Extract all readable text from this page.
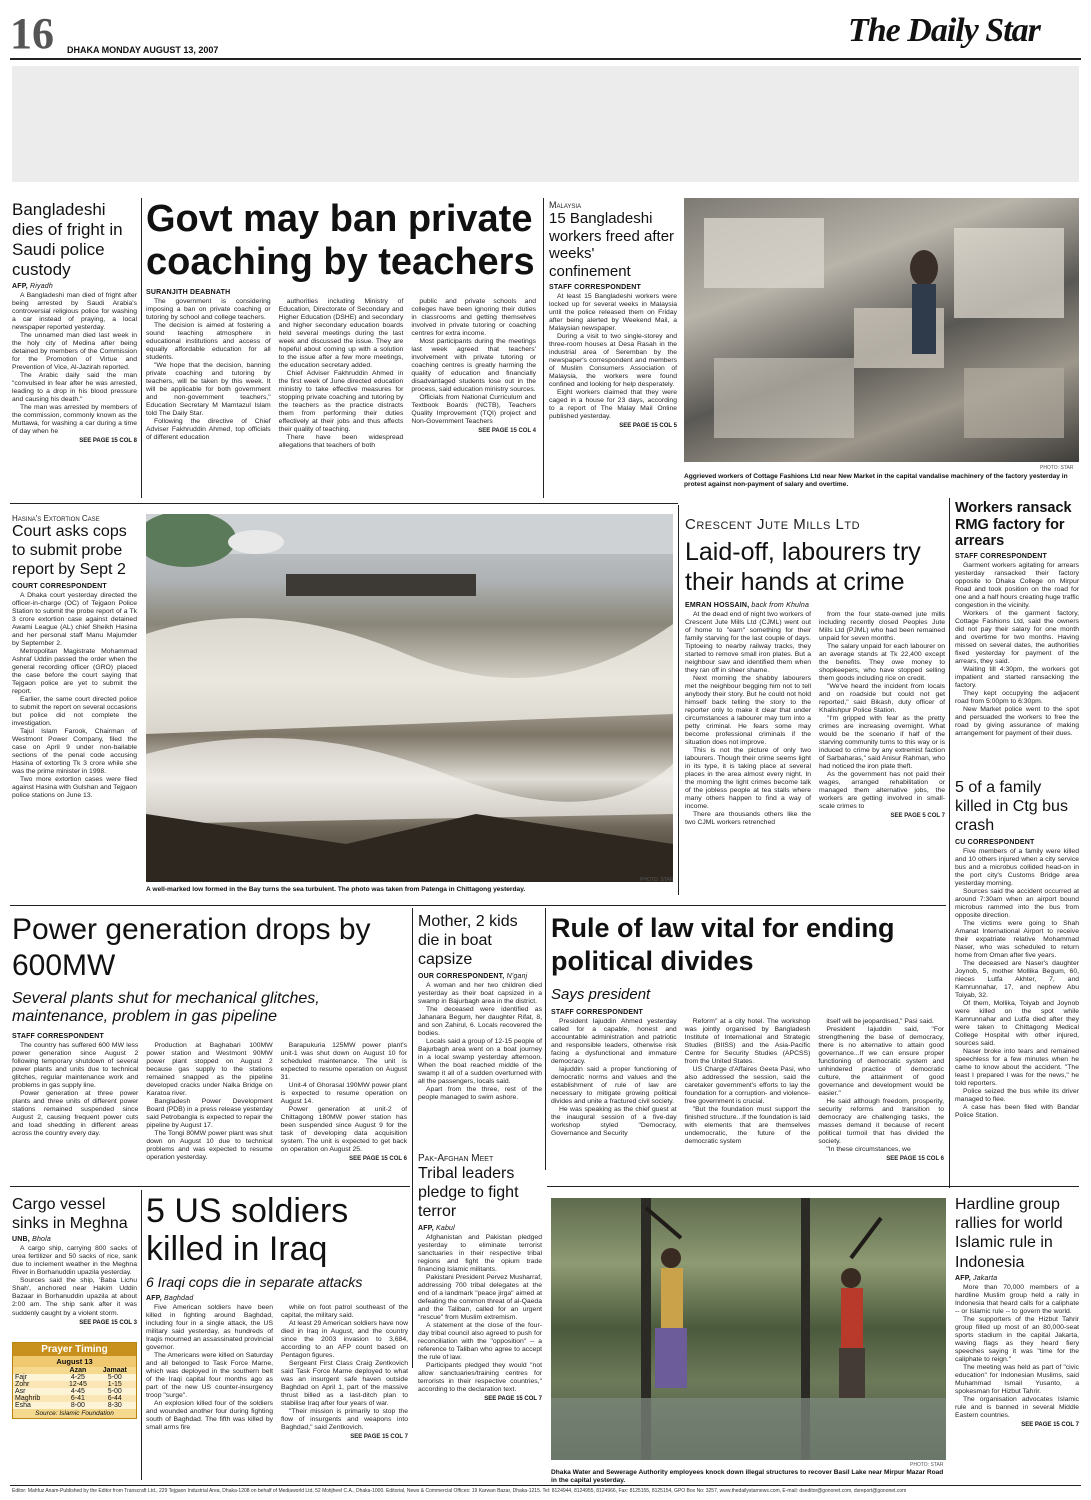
16 DHAKA MONDAY AUGUST 13, 2007
The Daily Star
Bangladeshi dies of fright in Saudi police custody
AFP, Riyadh

A Bangladeshi man died of fright after being arrested by Saudi Arabia's controversial religious police for washing a car instead of praying, a local newspaper reported yesterday.

The unnamed man died last week in the holy city of Medina after being detained by members of the Commission for the Promotion of Virtue and Prevention of Vice, Al-Jazirah reported.

The Arabic daily said the man "convulsed in fear after he was arrested, leading to a drop in his blood pressure and causing his death."

The man was arrested by members of the commission, commonly known as the Muttawa, for washing a car during a time of day when he

SEE PAGE 15 COL 8
Govt may ban private coaching by teachers
SURANJITH DEABNATH

The government is considering imposing a ban on private coaching or tutoring by school and college teachers.

The decision is aimed at fostering a sound teaching atmosphere in educational institutions and access of equally affordable education for all students.

"We hope that the decision, banning private coaching and tutoring by teachers, will be taken by this week. It will be applicable for both government and non-government teachers," Education Secretary M Mamtazul Islam told The Daily Star.

Following the directive of Chief Adviser Fakhruddin Ahmed, top officials of different education

authorities including Ministry of Education, Directorate of Secondary and Higher Education (DSHE) and secondary and higher secondary education boards held several meetings during the last week and discussed the issue. They are hopeful about coming up with a solution to the issue after a few more meetings, the education secretary added.

Chief Adviser Fakhruddin Ahmed in the first week of June directed education ministry to take effective measures for stopping private coaching and tutoring by the teachers as the practice distracts them from performing their duties effectively at their jobs and thus affects their quality of teaching.

There have been widespread allegations that teachers of both

public and private schools and colleges have been ignoring their duties in classrooms and getting themselves involved in private tutoring or coaching centres for extra income.

Most participants during the meetings last week agreed that teachers' involvement with private tutoring or coaching centres is greatly harming the quality of education and financially disadvantaged students lose out in the process, said education ministry sources.

Officials from National Curriculum and Textbook Boards (NCTB), Teachers Quality Improvement (TQI) project and Non-Government Teachers

SEE PAGE 15 COL 4
Malaysia
15 Bangladeshi workers freed after weeks' confinement
STAFF CORRESPONDENT

At least 15 Bangladeshi workers were locked up for several weeks in Malaysia until the police released them on Friday after being alerted by Weekend Mail, a Malaysian newspaper.

During a visit to two single-storey and three-room houses at Desa Rasah in the industrial area of Seremban by the newspaper's correspondent and members of Muslim Consumers Association of Malaysia, the workers were found confined and looking for help desperately.

Eight workers claimed that they were caged in a house for 23 days, according to a report of The Malay Mail Online published yesterday.

SEE PAGE 15 COL 5
PHOTO: STAR
Aggrieved workers of Cottage Fashions Ltd near New Market in the capital vandalise machinery of the factory yesterday in protest against non-payment of salary and overtime.
Hasina's Extortion Case
Court asks cops to submit probe report by Sept 2
COURT CORRESPONDENT

A Dhaka court yesterday directed the officer-in-charge (OC) of Tejgaon Police Station to submit the probe report of a Tk 3 crore extortion case against detained Awami League (AL) chief Sheikh Hasina and her personal staff Manu Majumder by September 2.

Metropolitan Magistrate Mohammad Ashraf Uddin passed the order when the general recording officer (GRO) placed the case before the court saying that Tejgaon police are yet to submit the report.

Earlier, the same court directed police to submit the report on several occasions but police did not complete the investigation.

Tajul Islam Farook, Chairman of Westmont Power Company, filed the case on April 9 under non-bailable sections of the penal code accusing Hasina of extorting Tk 3 crore while she was the prime minister in 1998.

Two more extortion cases were filed against Hasina with Gulshan and Tejgaon police stations on June 13.

PHOTO: STAR
A well-marked low formed in the Bay turns the sea turbulent. The photo was taken from Patenga in Chittagong yesterday.
Crescent Jute Mills Ltd
Laid-off, labourers try their hands at crime
EMRAN HOSSAIN, back from Khulna

At the dead end of night two workers of Crescent Jute Mills Ltd (CJML) went out of home to "earn" something for their family starving for the last couple of days. Tiptoeing to nearby railway tracks, they started to remove small iron plates. But a neighbour saw and identified them when they ran off in sheer shame.

Next morning the shabby labourers met the neighbour begging him not to tell anybody their story. But he could not hold himself back telling the story to the reporter only to make it clear that under circumstances a labourer may turn into a petty criminal. He fears some may become professional criminals if the situation does not improve.

This is not the picture of only two labourers. Though their crime seems light in its type, it is taking place at several places in the area almost every night. In the morning the light crimes become talk of the jobless people at tea stalls where many others happen to find a way of income.

There are thousands others like the two CJML workers retrenched

from the four state-owned jute mills including recently closed Peoples Jute Mills Ltd (PJML) who had been remained unpaid for seven months.

The salary unpaid for each labourer on an average stands at Tk 22,400 except the benefits. They owe money to shopkeepers, who have stopped selling them goods including rice on credit.

"We've heard the incident from locals and on roadside but could not get reported," said Bikash, duty officer of Khalishpur Police Station.

"I'm gripped with fear as the pretty crimes are increasing overnight. What would be the scenario if half of the starving community turns to this way or is induced to crime by any extremist faction of Sarbaharas," said Anisur Rahman, who had noticed the iron plate theft.

As the government has not paid their wages, arranged rehabilitation or managed them alternative jobs, the workers are getting involved in small-scale crimes to

SEE PAGE 5 COL 7
Workers ransack RMG factory for arrears
STAFF CORRESPONDENT

Garment workers agitating for arrears yesterday ransacked their factory opposite to Dhaka College on Mirpur Road and took position on the road for one and a half hours creating huge traffic congestion in the vicinity.

Workers of the garment factory, Cottage Fashions Ltd, said the owners did not pay their salary for one month and overtime for two months. Having missed on several dates, the authorities fixed yesterday for payment of the arrears, they said.

Waiting till 4:30pm, the workers got impatient and started ransacking the factory.

They kept occupying the adjacent road from 5:00pm to 6:30pm.

New Market police went to the spot and persuaded the workers to free the road by giving assurance of making arrangement for payment of their dues.

5 of a family killed in Ctg bus crash
CU CORRESPONDENT

Five members of a family were killed and 10 others injured when a city service bus and a microbus collided head-on in the port city's Customs Bridge area yesterday morning.

Sources said the accident occurred at around 7:30am when an airport bound microbus rammed into the bus from opposite direction.

The victims were going to Shah Amanat International Airport to receive their expatriate relative Mohammad Naser, who was scheduled to return home from Oman after five years.

The deceased are Naser's daughter Joynob, 5, mother Mollika Begum, 60, nieces Lutfa Akhter, 7, and Kamrunnahar, 17, and nephew Abu Toiyab, 32.

Of them, Mollika, Toiyab and Joynob were killed on the spot while Kamrunnahar and Lutfa died after they were taken to Chittagong Medical College Hospital with other injured, sources said.

Naser broke into tears and remained speechless for a few minutes when he came to know about the accident. "The least I prepared I was for the news," he told reporters.

Police seized the bus while its driver managed to flee.

A case has been filed with Bandar Police Station.

Power generation drops by 600MW
Several plants shut for mechanical glitches, maintenance, problem in gas pipeline
STAFF CORRESPONDENT

The country has suffered 600 MW less power generation since August 2 following temporary shutdown of several power plants and units due to technical glitches, regular maintenance work and problems in gas supply line.

Power generation at three power plants and three units of different power stations remained suspended since August 2, causing frequent power cuts and load shedding in different areas across the country every day.

Production at Baghabari 100MW power station and Westmont 90MW power plant stopped on August 2 because gas supply to the stations remained snapped as the pipeline developed cracks under Nalka Bridge on Karatoa river.

Bangladesh Power Development Board (PDB) in a press release yesterday said Petrobangla is expected to repair the pipeline by August 17.

The Tongi 80MW power plant was shut down on August 10 due to technical problems and was expected to resume operation yesterday.

Barapukuria 125MW power plant's unit-1 was shut down on August 10 for scheduled maintenance. The unit is expected to resume operation on August 31.

Unit-4 of Ghorasal 190MW power plant is expected to resume operation on August 14.

Power generation at unit-2 of Chittagong 180MW power station has been suspended since August 9 for the task of developing data acquisition system. The unit is expected to get back on operation on August 25.

SEE PAGE 15 COL 6
Mother, 2 kids die in boat capsize
OUR CORRESPONDENT, N'ganj

A woman and her two children died yesterday as their boat capsized in a swamp in Bajurbagh area in the district.

The deceased were identified as Jahanara Begum, her daughter Rifat, 8, and son Zahirul, 6. Locals recovered the bodies.

Locals said a group of 12-15 people of Bajurbagh area went on a boat journey in a local swamp yesterday afternoon. When the boat reached middle of the swamp it all of a sudden overturned with all the passengers, locals said.

Apart from the three, rest of the people managed to swim ashore.

Rule of law vital for ending political divides
Says president
STAFF CORRESPONDENT

President Iajuddin Ahmed yesterday called for a capable, honest and accountable administration and patriotic and responsible leaders, otherwise risk facing a dysfunctional and immature democracy.

Iajuddin said a proper functioning of democratic norms and values and the establishment of rule of law are necessary to mitigate growing political divides and unite a fractured civil society.

He was speaking as the chief guest at the inaugural session of a five-day workshop styled "Democracy, Governance and Security

Reform" at a city hotel. The workshop was jointly organised by Bangladesh Institute of International and Strategic Studies (BIISS) and the Asia-Pacific Centre for Security Studies (APCSS) from the United States.

US Charge d'Affaires Geeta Pasi, who also addressed the session, said the caretaker government's efforts to lay the foundation for a corruption- and violence-free government is crucial.

"But the foundation must support the finished structure...If the foundation is laid with elements that are themselves undemocratic, the future of the democratic system

itself will be jeopardised," Pasi said.

President Iajuddin said, "For strengthening the base of democracy, there is no alternative to attain good governance...If we can ensure proper functioning of democratic system and unhindered practice of democratic culture, the attainment of good governance and development would be easier."

He said although freedom, prosperity, security reforms and transition to democracy are challenging tasks, the masses demand it because of recent political turmoil that has divided the society.

"In these circumstances, we

SEE PAGE 15 COL 6
Pak-Afghan Meet
Tribal leaders pledge to fight terror
AFP, Kabul

Afghanistan and Pakistan pledged yesterday to eliminate terrorist sanctuaries in their respective tribal regions and fight the opium trade financing Islamic militants.

Pakistani President Pervez Musharraf, addressing 700 tribal delegates at the end of a landmark "peace jirga" aimed at defeating the common threat of al-Qaeda and the Taliban, called for an urgent "rescue" from Muslim extremism.

A statement at the close of the four-day tribal council also agreed to push for reconciliation with the "opposition" -- a reference to Taliban who agree to accept the rule of law.

Participants pledged they would "not allow sanctuaries/training centres for terrorists in their respective countries," according to the declaration text.

SEE PAGE 15 COL 7
Cargo vessel sinks in Meghna
UNB, Bhola

A cargo ship, carrying 800 sacks of urea fertilizer and 50 sacks of rice, sank due to inclement weather in the Meghna River in Borhanuddin upazila yesterday.

Sources said the ship, 'Baba Lichu Shah', anchored near Hakim Uddin Bazaar in Borhanuddin upazila at about 2:00 am. The ship sank after it was suddenly caught by a violent storm.

SEE PAGE 15 COL 3
Prayer Timing
August 13
	Azan	Jamaat
Fajr	4-25	5-00
Zohr	12-45	1-15
Asr	4-45	5-00
Maghrib	6-41	6-44
Esha	8-00	8-30
Source: Islamic Foundation
5 US soldiers killed in Iraq
6 Iraqi cops die in separate attacks
AFP, Baghdad

Five American soldiers have been killed in fighting around Baghdad, including four in a single attack, the US military said yesterday, as hundreds of Iraqis mourned an assassinated provincial governor.

The Americans were killed on Saturday and all belonged to Task Force Marne, which was deployed in the southern belt of the Iraqi capital four months ago as part of the new US counter-insurgency troop "surge".

An explosion killed four of the soldiers and wounded another four during fighting south of Baghdad. The fifth was killed by small arms fire

while on foot patrol southeast of the capital, the military said.

At least 29 American soldiers have now died in Iraq in August, and the country since the 2003 invasion to 3,684, according to an AFP count based on Pentagon figures.

Sergeant First Class Craig Zentkovich said Task Force Marne deployed to what was an insurgent safe haven outside Baghdad on April 1, part of the massive thrust billed as a last-ditch plan to stabilise Iraq after four years of war.

"Their mission is primarily to stop the flow of insurgents and weapons into Baghdad," said Zentkovich.

SEE PAGE 15 COL 7
PHOTO: STAR
Dhaka Water and Sewerage Authority employees knock down illegal structures to recover Basil Lake near Mirpur Mazar Road in the capital yesterday.
Hardline group rallies for world Islamic rule in Indonesia
AFP, Jakarta

More than 70,000 members of a hardline Muslim group held a rally in Indonesia that heard calls for a caliphate -- or Islamic rule -- to govern the world.

The supporters of the Hizbut Tahrir group filled up most of an 80,000-seat sports stadium in the capital Jakarta, waving flags as they heard fiery speeches saying it was "time for the caliphate to reign."

The meeting was held as part of "civic education" for Indonesian Muslims, said Muhammad Ismail Yusanto, a spokesman for Hizbut Tahrir.

The organisation advocates Islamic rule and is banned in several Middle Eastern countries.

SEE PAGE 15 COL 7
Editor: Mahfuz Anam-Published by the Editor from Transcraft Ltd., 229 Tejgaon Industrial Area, Dhaka-1208 on behalf of Mediaworld Ltd, 52 Motijheel C.A., Dhaka-1000. Editorial, News & Commercial Offices: 19 Karwan Bazar, Dhaka-1215. Tel: 8124944, 8124955, 8124966, Fax: 8125155, 8125154, GPO Box No: 3257, www.thedailystarnews.com, E-mail: dseditor@gononet.com, dsreport@gononet.com
